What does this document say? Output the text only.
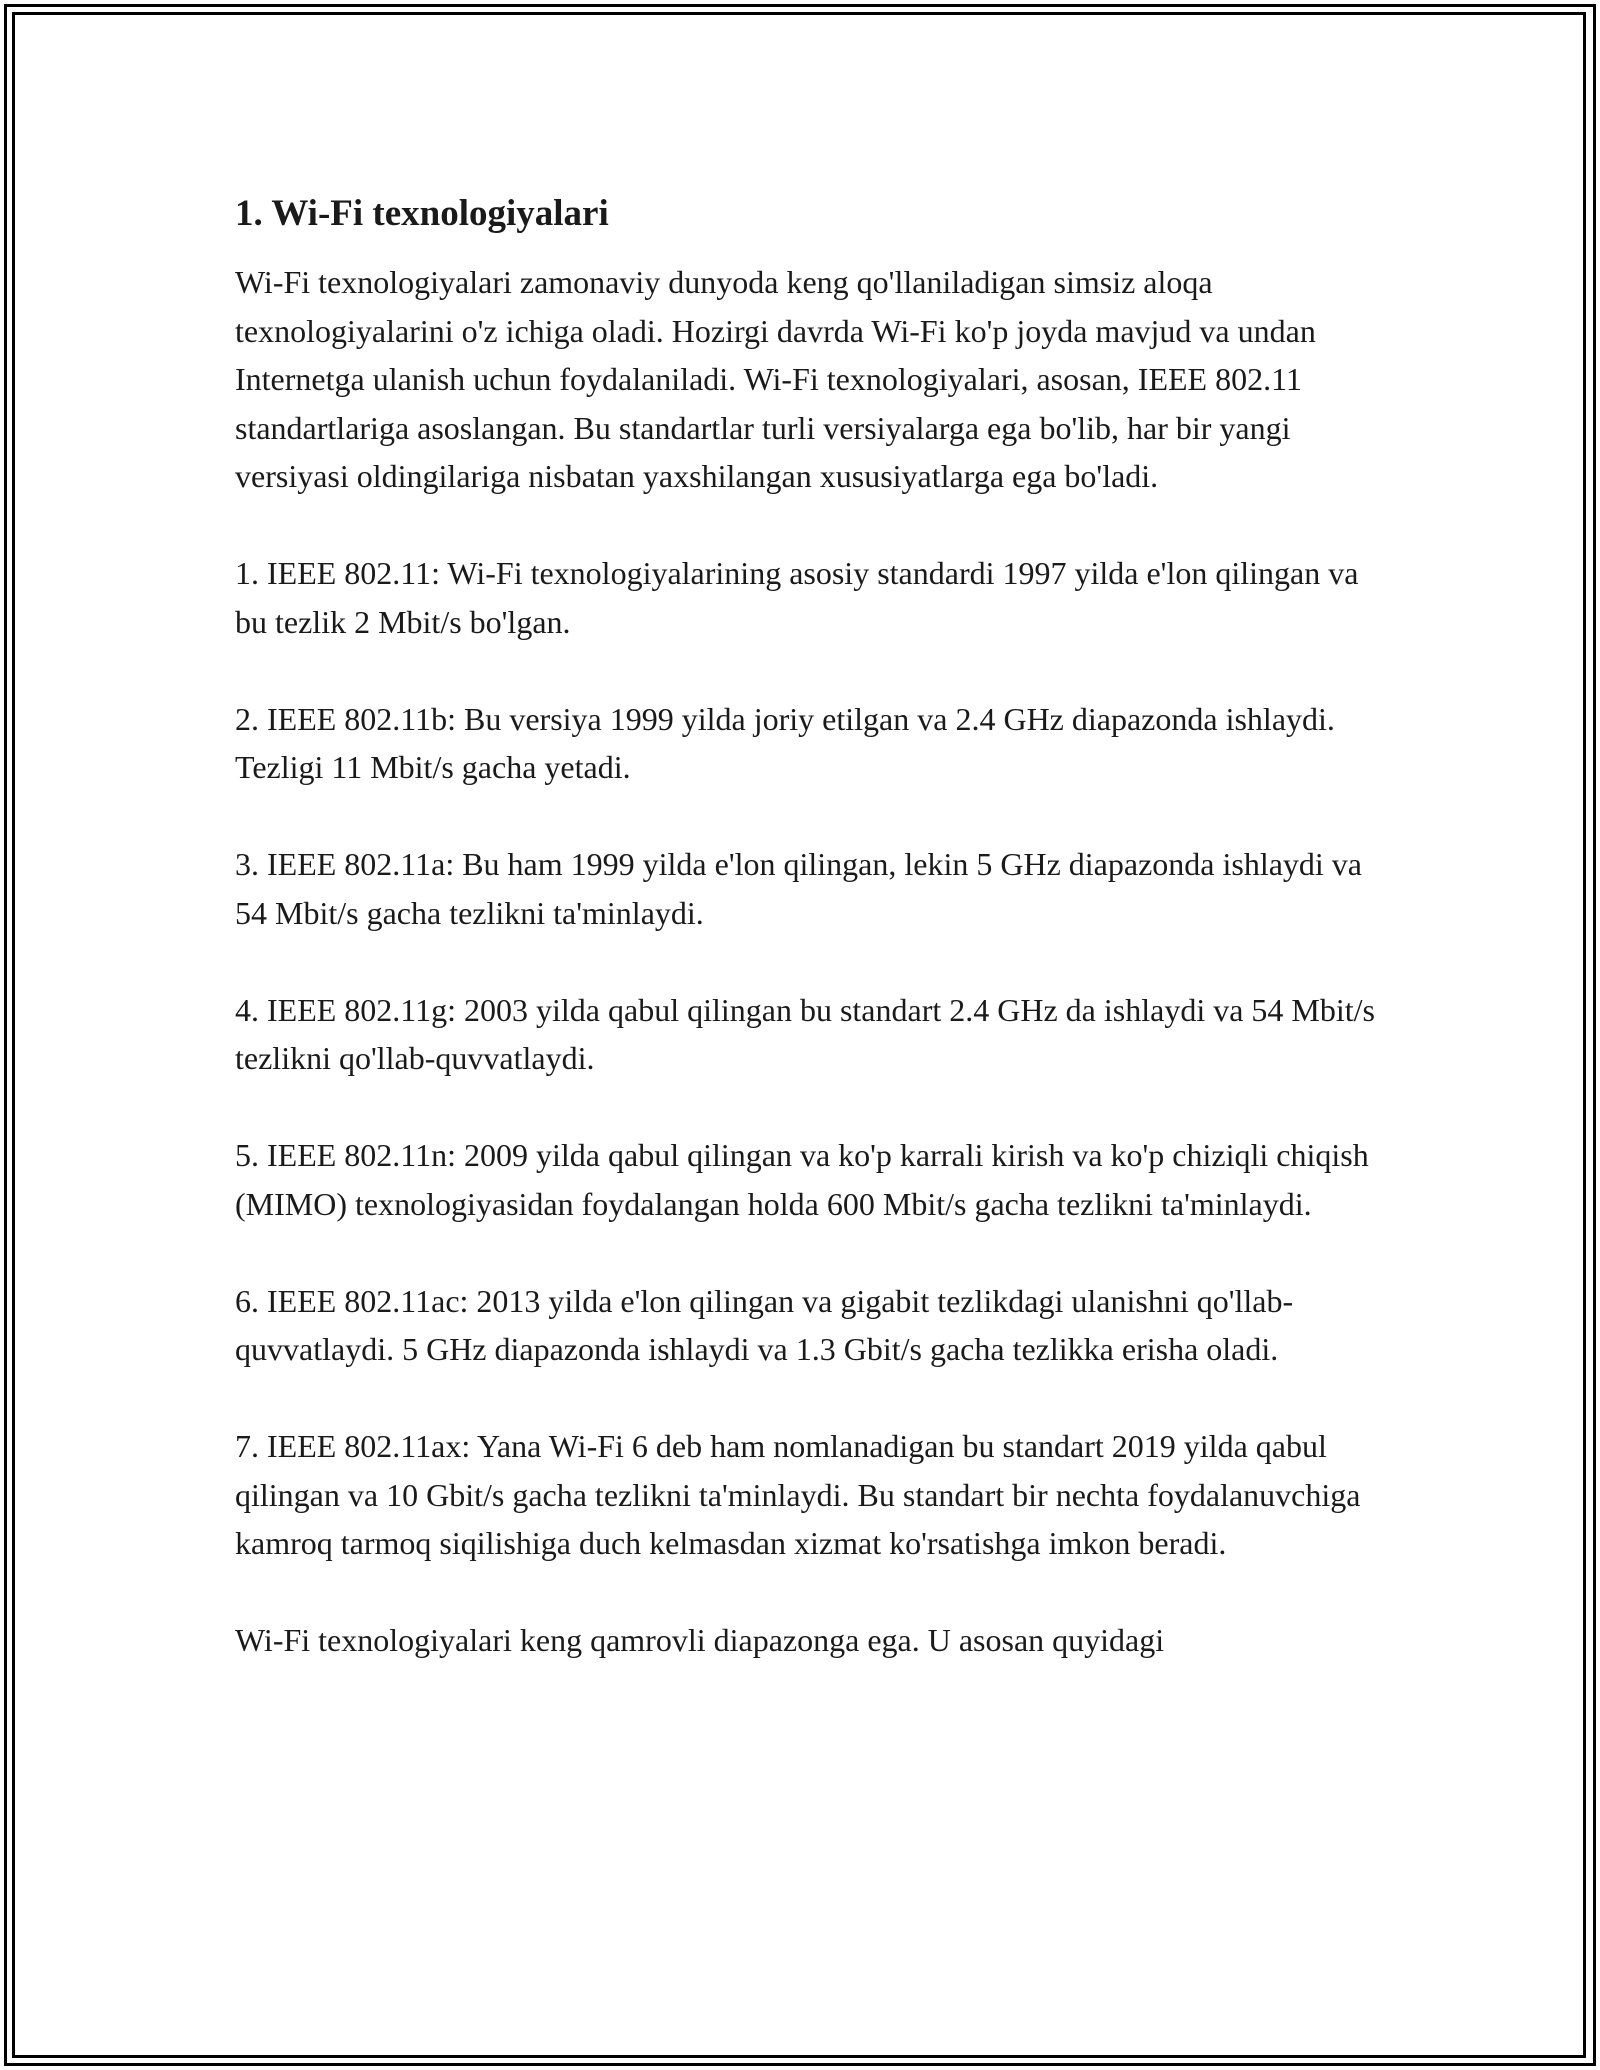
1. Wi-Fi texnologiyalari

Wi-Fi texnologiyalari zamonaviy dunyoda keng qo'llaniladigan simsiz aloqa texnologiyalarini o'z ichiga oladi. Hozirgi davrda Wi-Fi ko'p joyda mavjud va undan Internetga ulanish uchun foydalaniladi. Wi-Fi texnologiyalari, asosan, IEEE 802.11 standartlariga asoslangan. Bu standartlar turli versiyalarga ega bo'lib, har bir yangi versiyasi oldingilariga nisbatan yaxshilangan xususiyatlarga ega bo'ladi.

1. IEEE 802.11: Wi-Fi texnologiyalarining asosiy standardi 1997 yilda e'lon qilingan va bu tezlik 2 Mbit/s bo'lgan.

2. IEEE 802.11b: Bu versiya 1999 yilda joriy etilgan va 2.4 GHz diapazonda ishlaydi. Tezligi 11 Mbit/s gacha yetadi.

3. IEEE 802.11a: Bu ham 1999 yilda e'lon qilingan, lekin 5 GHz diapazonda ishlaydi va 54 Mbit/s gacha tezlikni ta'minlaydi.

4. IEEE 802.11g: 2003 yilda qabul qilingan bu standart 2.4 GHz da ishlaydi va 54 Mbit/s tezlikni qo'llab-quvvatlaydi.

5. IEEE 802.11n: 2009 yilda qabul qilingan va ko'p karrali kirish va ko'p chiziqli chiqish (MIMO) texnologiyasidan foydalangan holda 600 Mbit/s gacha tezlikni ta'minlaydi.

6. IEEE 802.11ac: 2013 yilda e'lon qilingan va gigabit tezlikdagi ulanishni qo'llab-quvvatlaydi. 5 GHz diapazonda ishlaydi va 1.3 Gbit/s gacha tezlikka erisha oladi.

7. IEEE 802.11ax: Yana Wi-Fi 6 deb ham nomlanadigan bu standart 2019 yilda qabul qilingan va 10 Gbit/s gacha tezlikni ta'minlaydi. Bu standart bir nechta foydalanuvchiga kamroq tarmoq siqilishiga duch kelmasdan xizmat ko'rsatishga imkon beradi.

Wi-Fi texnologiyalari keng qamrovli diapazonga ega. U asosan quyidagi
